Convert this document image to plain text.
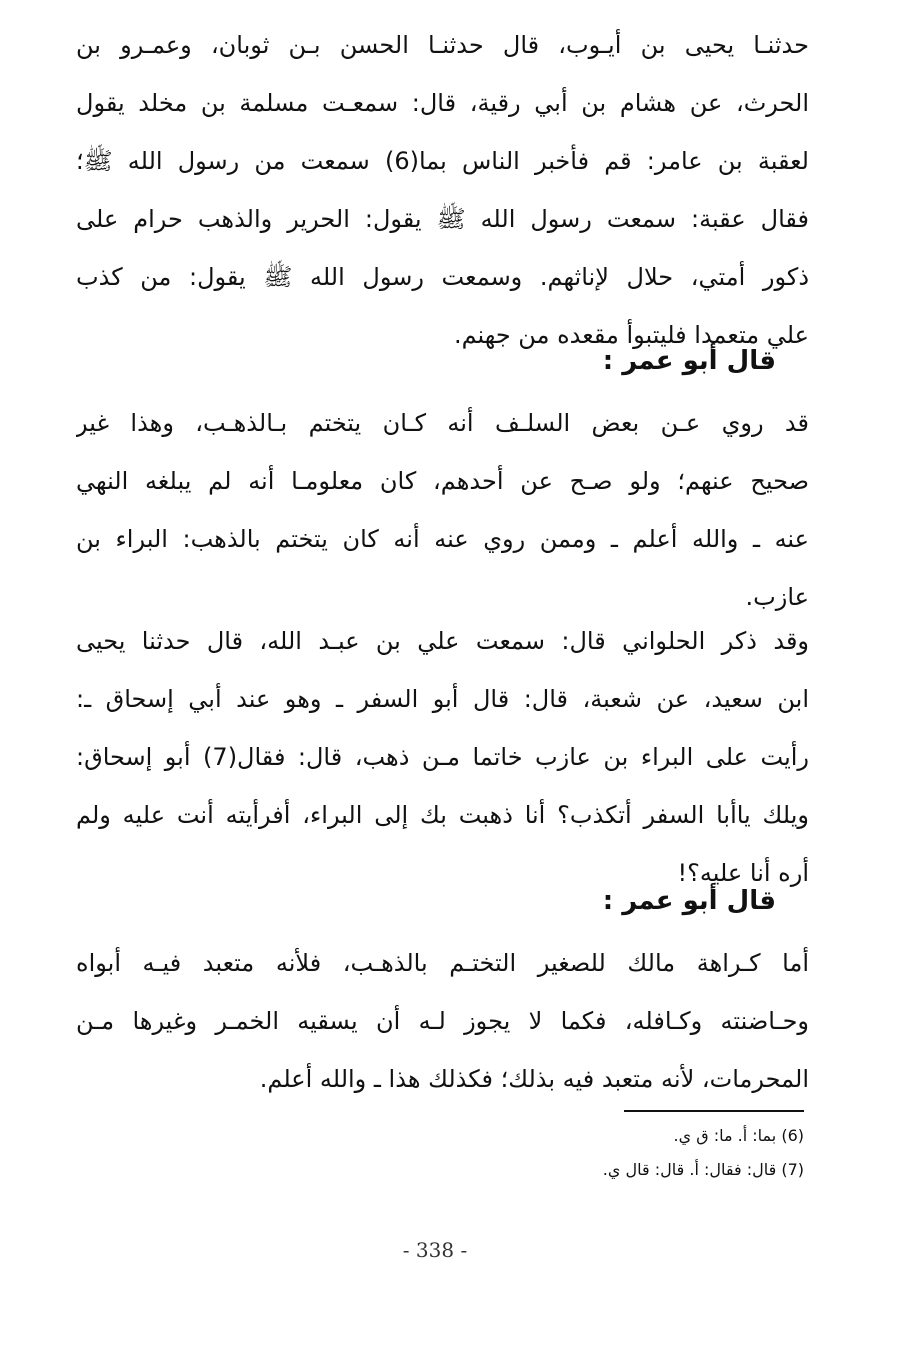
حدثنـا يحيى بن أيـوب، قال حدثنـا الحسن بـن ثوبان، وعمـرو بن
الحرث، عن هشام بن أبي رقية، قال: سمعـت مسلمة بن مخلد يقول
لعقبة بن عامر: قم فأخبر الناس بما(6) سمعت من رسول الله ﷺ؛
فقال عقبة: سمعت رسول الله ﷺ يقول: الحرير والذهب حرام على
ذكور أمتي، حلال لإناثهم. وسمعت رسول الله ﷺ يقول: من كذب
علي متعمدا فليتبوأ مقعده من جهنم.
قال أبو عمر :
قد روي عـن بعض السلـف أنه كـان يتختم بـالذهـب، وهذا غير
صحيح عنهم؛ ولو صـح عن أحدهم، كان معلومـا أنه لم يبلغه النهي
عنه ـ والله أعلم ـ وممن روي عنه أنه كان يتختم بالذهب: البراء بن
عازب.
وقد ذكر الحلواني قال: سمعت علي بن عبـد الله، قال حدثنا يحيى
ابن سعيد، عن شعبة، قال: قال أبو السفر ـ وهو عند أبي إسحاق ـ:
رأيت على البراء بن عازب خاتما مـن ذهب، قال: فقال(7) أبو إسحاق:
ويلك ياأبا السفر أتكذب؟ أنا ذهبت بك إلى البراء، أفرأيته أنت عليه ولم
أره أنا عليه؟!
قال أبو عمر :
أما كـراهة مالك للصغير التختـم بالذهـب، فلأنه متعبد فيـه أبواه
وحـاضنته وكـافله، فكما لا يجوز لـه أن يسقيه الخمـر وغيرها مـن
المحرمات، لأنه متعبد فيه بذلك؛ فكذلك هذا ـ والله أعلم.
(6) بما: أ. ما: ق ي.
(7) قال: فقال: أ. قال: قال ي.
- 338 -
